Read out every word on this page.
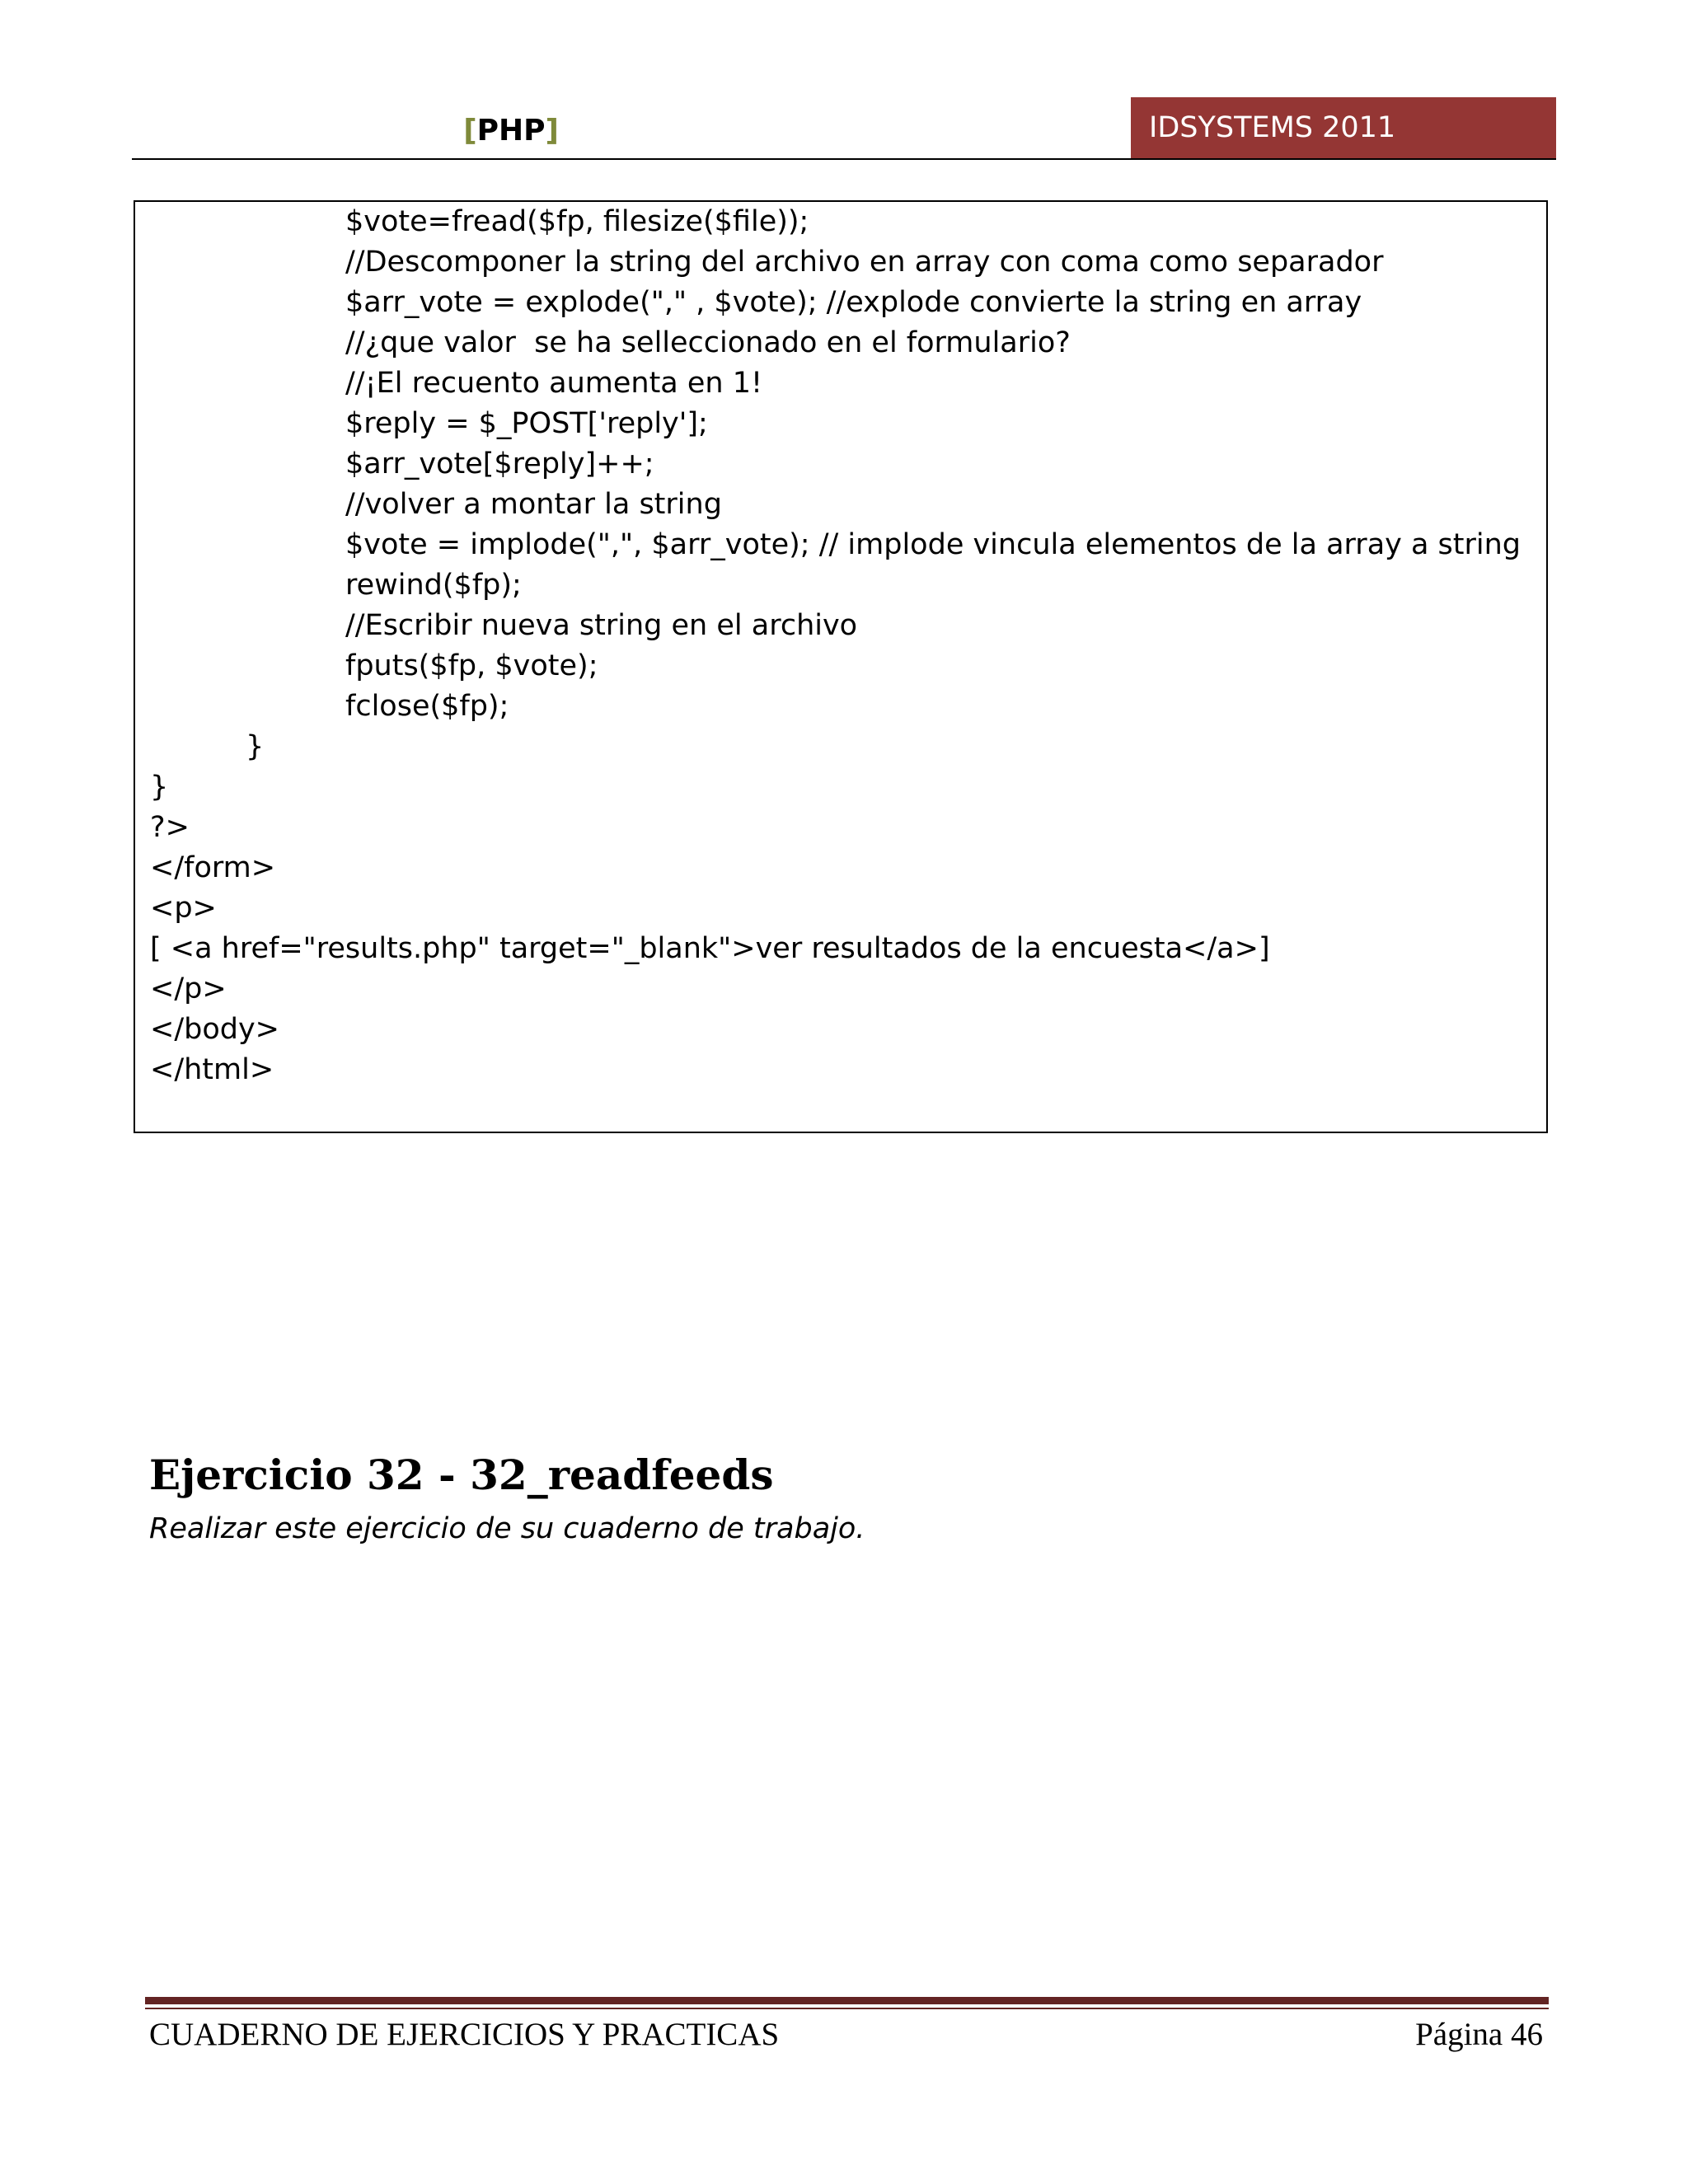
[PHP]	IDSYSTEMS 2011
$vote=fread($fp, filesize($file));
//Descomponer la string del archivo en array con coma como separador
$arr_vote = explode("," , $vote); //explode convierte la string en array
//¿que valor  se ha selleccionado en el formulario?
//¡El recuento aumenta en 1!
$reply = $_POST['reply'];
$arr_vote[$reply]++;
//volver a montar la string
$vote = implode(",", $arr_vote); // implode vincula elementos de la array a string
rewind($fp);
//Escribir nueva string en el archivo
fputs($fp, $vote);
fclose($fp);
}
}
?>
</form>
<p>
[ <a href="results.php" target="_blank">ver resultados de la encuesta</a>]
</p>
</body>
</html>
Ejercicio 32 - 32_readfeeds
Realizar este ejercicio de su cuaderno de trabajo.
CUADERNO DE EJERCICIOS Y PRACTICAS	Página 46
